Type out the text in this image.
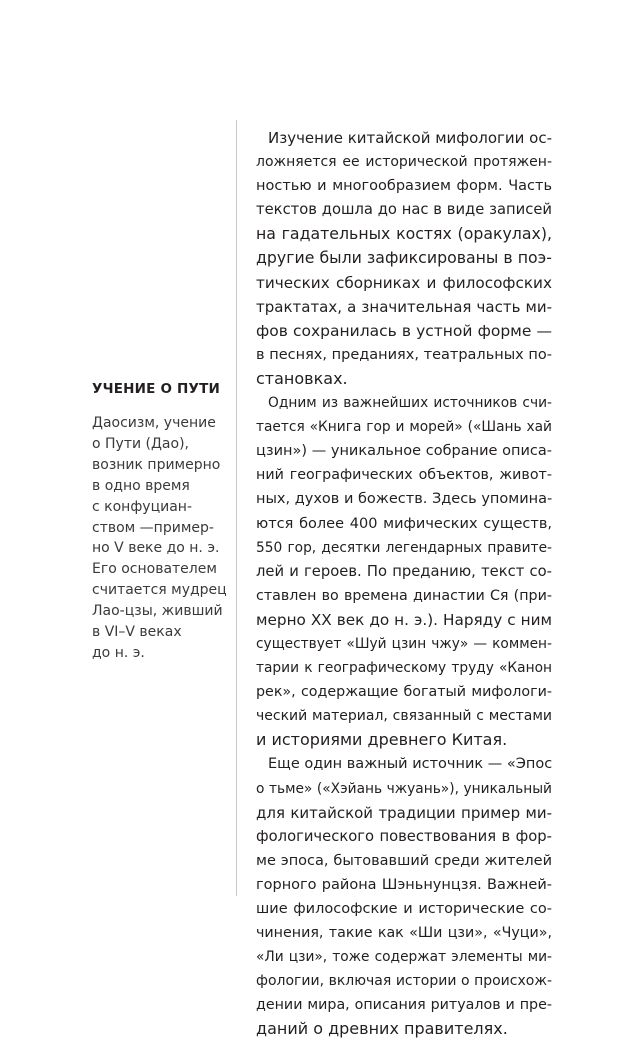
УЧЕНИЕ О ПУТИ
Даосизм, учение
о Пути (Дао),
возник примерно
в одно время
с конфуциан-
ством —пример-
но V веке до н. э.
Его основателем
считается мудрец
Лао-цзы, живший
в VI–V веках
до н. э.
Изучение китайской мифологии ос-
ложняется ее исторической протяжен-
ностью и многообразием форм. Часть
текстов дошла до нас в виде записей
на гадательных костях (оракулах),
другие были зафиксированы в поэ-
тических сборниках и философских
трактатах, а значительная часть ми-
фов сохранилась в устной форме —
в песнях, преданиях, театральных по-
становках.
Одним из важнейших источников счи-
тается «Книга гор и морей» («Шань хай
цзин») — уникальное собрание описа-
ний географических объектов, живот-
ных, духов и божеств. Здесь упомина-
ются более 400 мифических существ,
550 гор, десятки легендарных правите-
лей и героев. По преданию, текст со-
ставлен во времена династии Ся (при-
мерно XX век до н. э.). Наряду с ним
существует «Шуй цзин чжу» — коммен-
тарии к географическому труду «Канон
рек», содержащие богатый мифологи-
ческий материал, связанный с местами
и историями древнего Китая.
Еще один важный источник — «Эпос
о тьме» («Хэйань чжуань»), уникальный
для китайской традиции пример ми-
фологического повествования в фор-
ме эпоса, бытовавший среди жителей
горного района Шэньнунцзя. Важней-
шие философские и исторические со-
чинения, такие как «Ши цзи», «Чуци»,
«Ли цзи», тоже содержат элементы ми-
фологии, включая истории о происхож-
дении мира, описания ритуалов и пре-
даний о древних правителях.
